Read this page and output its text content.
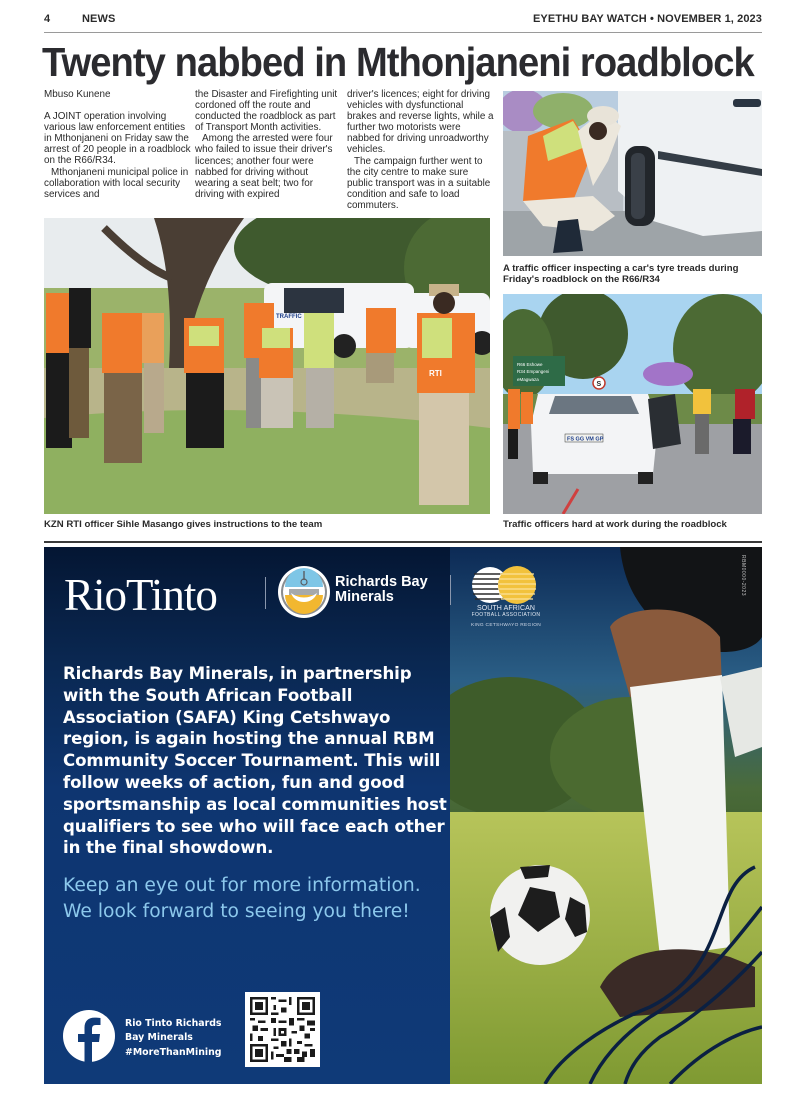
4	NEWS	EYETHU BAY WATCH • NOVEMBER 1, 2023
Twenty nabbed in Mthonjaneni roadblock

Mbuso Kunene

A JOINT operation involving various law enforcement entities in Mthonjaneni on Friday saw the arrest of 20 people in a roadblock on the R66/R34.

Mthonjaneni municipal police in collaboration with local security services and

the Disaster and Firefighting unit cordoned off the route and conducted the roadblock as part of Transport Month activities.

Among the arrested were four who failed to issue their driver's licences; another four were nabbed for driving without wearing a seat belt; two for driving with expired

driver's licences; eight for driving vehicles with dysfunctional brakes and reverse lights, while a further two motorists were nabbed for driving unroadworthy vehicles.

The campaign further went to the city centre to make sure public transport was in a suitable condition and safe to load commuters.

A traffic officer inspecting a car's tyre treads during Friday's roadblock on the R66/R34
TRAFFIC
RTI
KZN RTI officer Sihle Masango gives instructions to the team
R66 Eshowe
R34 Empangeni
eMagwaza
S
FS GG VM GP
Traffic officers hard at work during the roadblock
RioTinto	Richards Bay
Minerals
SOUTH AFRICAN
FOOTBALL ASSOCIATION
KING CETSHWAYO REGION
RBM0000-2023

Richards Bay Minerals, in partnership with the South African Football Association (SAFA) King Cetshwayo region, is again hosting the annual RBM Community Soccer Tournament. This will follow weeks of action, fun and good sportsmanship as local communities host qualifiers to see who will face each other in the final showdown.

Keep an eye out for more information. We look forward to seeing you there!

Rio Tinto Richards
Bay Minerals
#MoreThanMining
